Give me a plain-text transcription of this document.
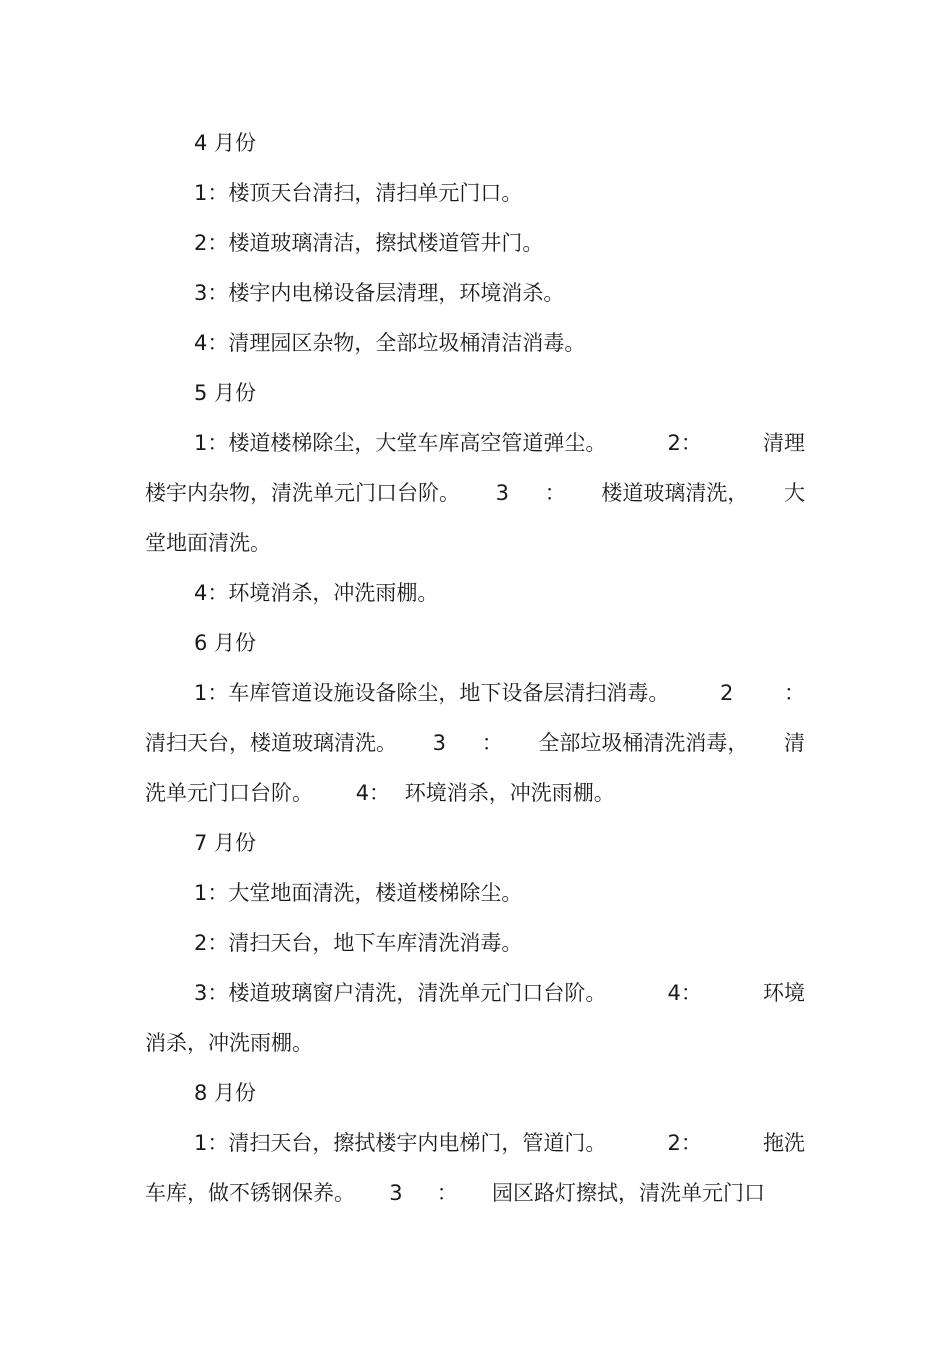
4 月份
1：楼顶天台清扫，清扫单元门口。
2：楼道玻璃清洁，擦拭楼道管井门。
3：楼宇内电梯设备层清理，环境消杀。
4：清理园区杂物，全部垃圾桶清洁消毒。
5 月份
1：楼道楼梯除尘，大堂车库高空管道弹尘。	2：	清理
楼宇内杂物，清洗单元门口台阶。 3 ： 楼道玻璃清洗， 大
堂地面清洗。
4：环境消杀，冲洗雨棚。
6 月份
1：车库管道设施设备除尘，地下设备层清扫消毒。 2 ：
清扫天台，楼道玻璃清洗。 3 ： 全部垃圾桶清洗消毒， 清
洗单元门口台阶。 4： 环境消杀，冲洗雨棚。
7 月份
1：大堂地面清洗，楼道楼梯除尘。
2：清扫天台，地下车库清洗消毒。
3：楼道玻璃窗户清洗，清洗单元门口台阶。	4：	环境
消杀，冲洗雨棚。
8 月份
1：清扫天台，擦拭楼宇内电梯门，管道门。	2：	拖洗
车库，做不锈钢保养。 3 ： 园区路灯擦拭，清洗单元门口
